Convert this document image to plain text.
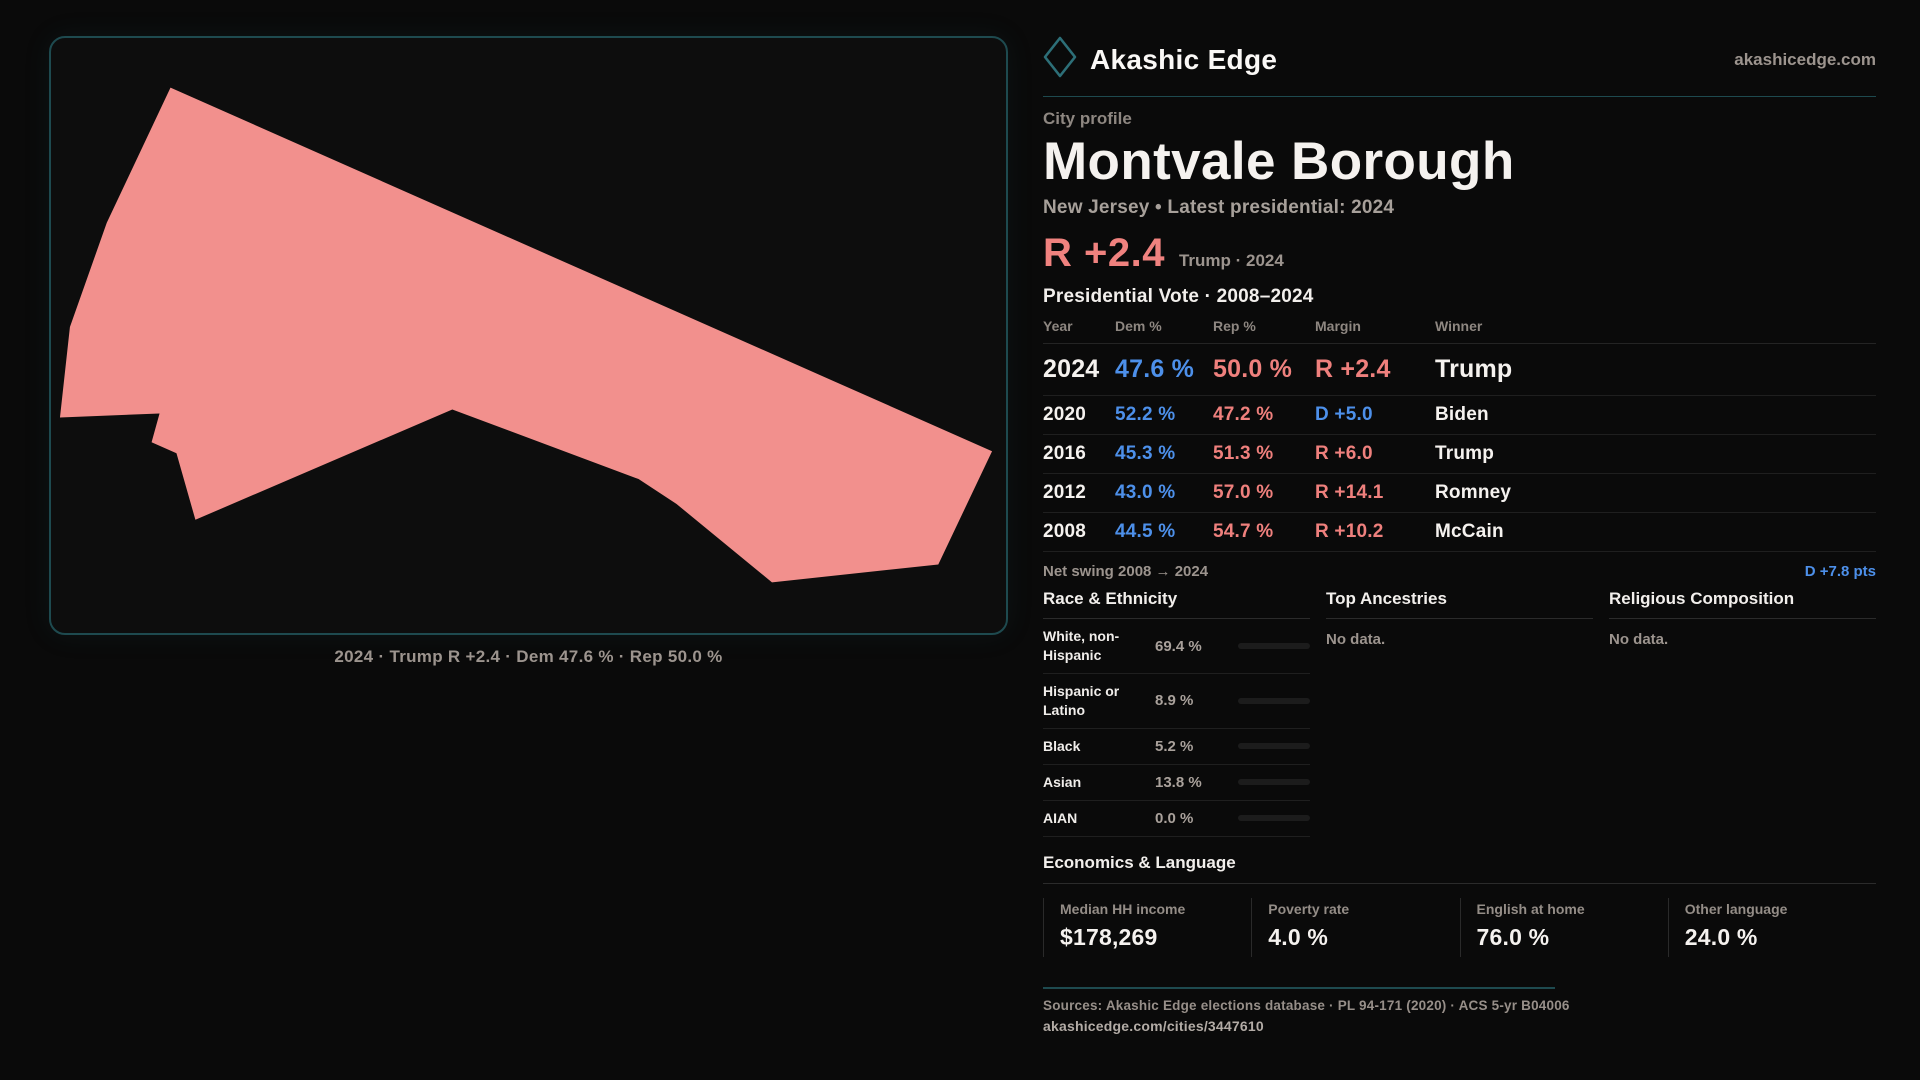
2024 · Trump R +2.4 · Dem 47.6 % · Rep 50.0 %
Akashic Edge	akashicedge.com
City profile
Montvale Borough
New Jersey • Latest presidential: 2024
R +2.4 Trump · 2024
Presidential Vote · 2008–2024
Year	Dem %	Rep %	Margin	Winner
2024 47.6 % 50.0 % R +2.4	Trump
2020	52.2 %	47.2 %	D +5.0	Biden
2016	45.3 %	51.3 %	R +6.0	Trump
2012	43.0 %	57.0 %	R +14.1	Romney
2008	44.5 %	54.7 %	R +10.2	McCain
Net swing 2008 → 2024	D +7.8 pts
Race & Ethnicity
White, non-Hispanic
69.4 %
Hispanic or Latino
8.9 %
Black	5.2 %
Asian	13.8 %
AIAN	0.0 %
Top Ancestries
No data.
Religious Composition
No data.
Economics & Language
Median HH income
$178,269
Poverty rate
4.0 %
English at home
76.0 %
Other language
24.0 %
Sources: Akashic Edge elections database · PL 94-171 (2020) · ACS 5-yr B04006
akashicedge.com/cities/3447610
